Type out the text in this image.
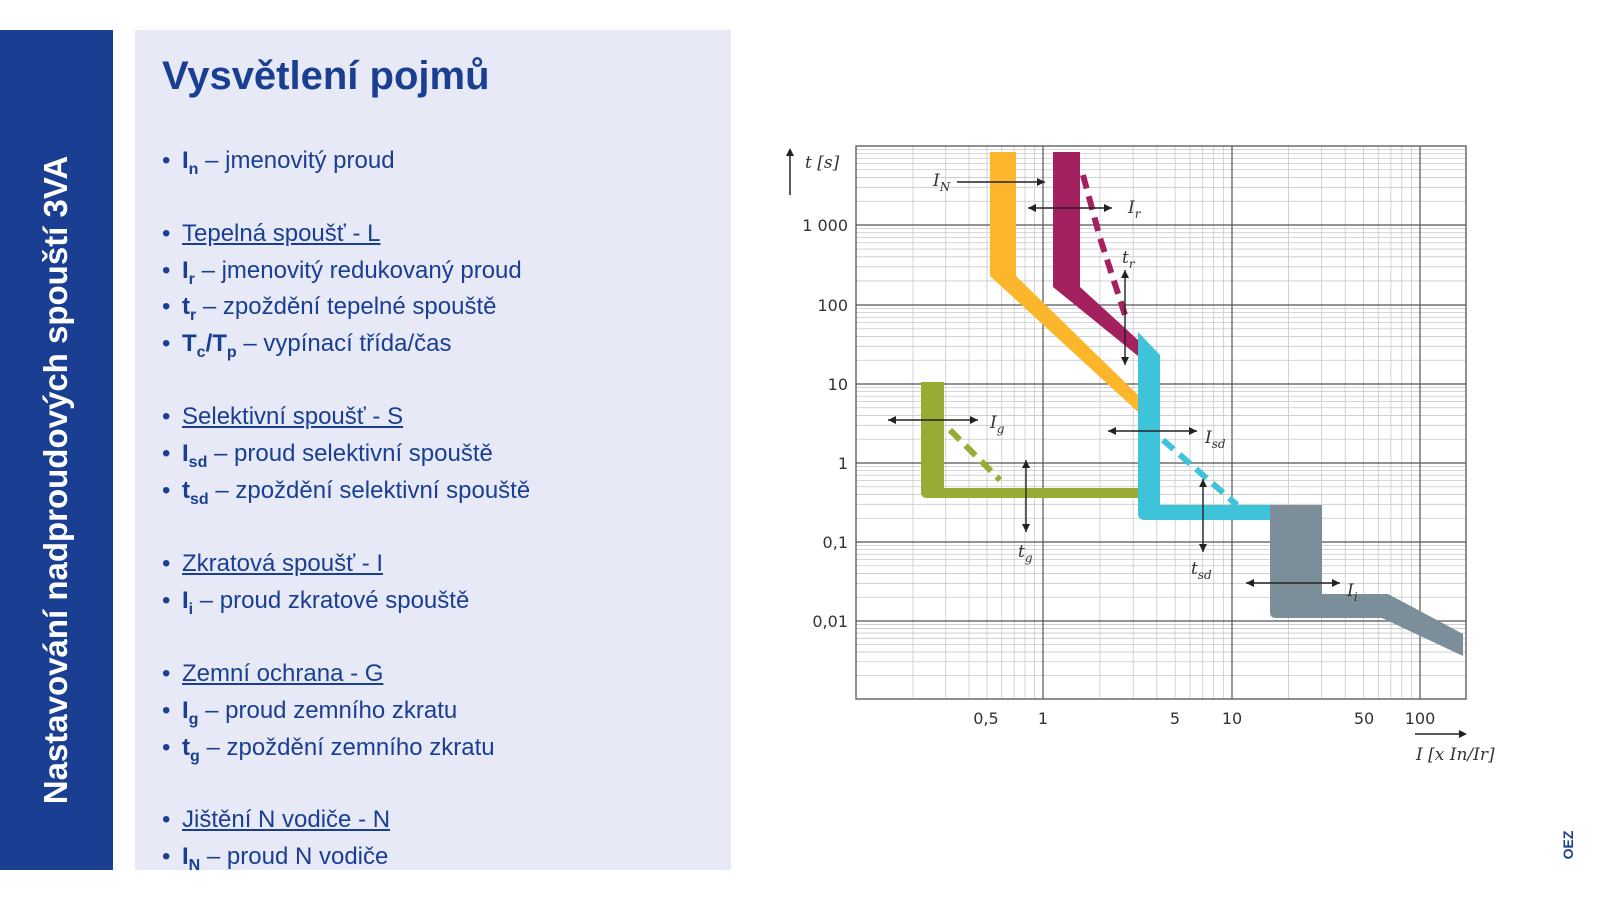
Nastavování nadproudových spouští 3VA
Vysvětlení pojmů
• $I_n$ – jmenovitý proud
• Tepelná spoušť - L
• $I_r$ – jmenovitý redukovaný proud
• $t_r$ – zpoždění tepelné spouště
• $T_c/T_p$ – vypínací třída/čas
• Selektivní spoušť - S
• $I_{sd}$ – proud selektivní spouště
• $t_{sd}$ – zpoždění selektivní spouště
• Zkratová spoušť - I
• $I_i$ – proud zkratové spouště
• Zemní ochrana - G
• $I_g$ – proud zemního zkratu
• $t_g$ – zpoždění zemního zkratu
• Jištění N vodiče - N
• $I_N$ – proud N vodiče
1 000
100
10
1
0,1
0,01
0,5 1	5	10	50 100
t [s]
I [x In/Ir]
$I_N$
$I_r$
$t_r$
$I_g$	$I_{sd}$
$t_g$
$t_{sd}$
$I_i$
OEZ
